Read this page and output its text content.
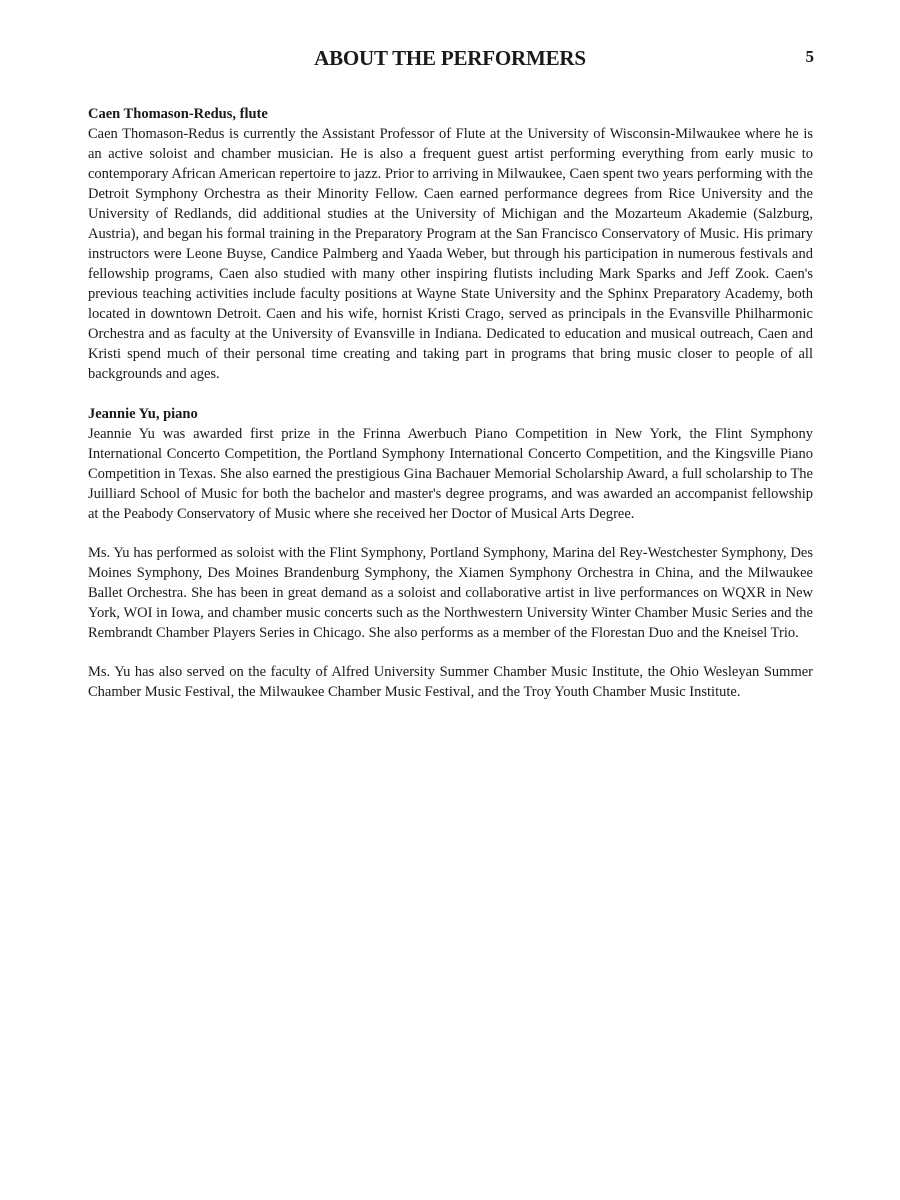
ABOUT THE PERFORMERS	5
Caen Thomason-Redus, flute

Caen Thomason-Redus is currently the Assistant Professor of Flute at the University of Wisconsin-Milwaukee where he is an active soloist and chamber musician. He is also a frequent guest artist performing everything from early music to contemporary African American repertoire to jazz. Prior to arriving in Milwaukee, Caen spent two years performing with the Detroit Symphony Orchestra as their Minority Fellow. Caen earned performance degrees from Rice University and the University of Redlands, did additional studies at the University of Michigan and the Mozarteum Akademie (Salzburg, Austria), and began his formal training in the Preparatory Program at the San Francisco Conservatory of Music. His primary instructors were Leone Buyse, Candice Palmberg and Yaada Weber, but through his participation in numerous festivals and fellowship programs, Caen also studied with many other inspiring flutists including Mark Sparks and Jeff Zook. Caen's previous teaching activities include faculty positions at Wayne State University and the Sphinx Preparatory Academy, both located in downtown Detroit. Caen and his wife, hornist Kristi Crago, served as principals in the Evansville Philharmonic Orchestra and as faculty at the University of Evansville in Indiana. Dedicated to education and musical outreach, Caen and Kristi spend much of their personal time creating and taking part in programs that bring music closer to people of all backgrounds and ages.

Jeannie Yu, piano

Jeannie Yu was awarded first prize in the Frinna Awerbuch Piano Competition in New York, the Flint Symphony International Concerto Competition, the Portland Symphony International Concerto Competition, and the Kingsville Piano Competition in Texas. She also earned the prestigious Gina Bachauer Memorial Scholarship Award, a full scholarship to The Juilliard School of Music for both the bachelor and master's degree programs, and was awarded an accompanist fellowship at the Peabody Conservatory of Music where she received her Doctor of Musical Arts Degree.

Ms. Yu has performed as soloist with the Flint Symphony, Portland Symphony, Marina del Rey-Westchester Symphony, Des Moines Symphony, Des Moines Brandenburg Symphony, the Xiamen Symphony Orchestra in China, and the Milwaukee Ballet Orchestra. She has been in great demand as a soloist and collaborative artist in live performances on WQXR in New York, WOI in Iowa, and chamber music concerts such as the Northwestern University Winter Chamber Music Series and the Rembrandt Chamber Players Series in Chicago. She also performs as a member of the Florestan Duo and the Kneisel Trio.

Ms. Yu has also served on the faculty of Alfred University Summer Chamber Music Institute, the Ohio Wesleyan Summer Chamber Music Festival, the Milwaukee Chamber Music Festival, and the Troy Youth Chamber Music Institute.
